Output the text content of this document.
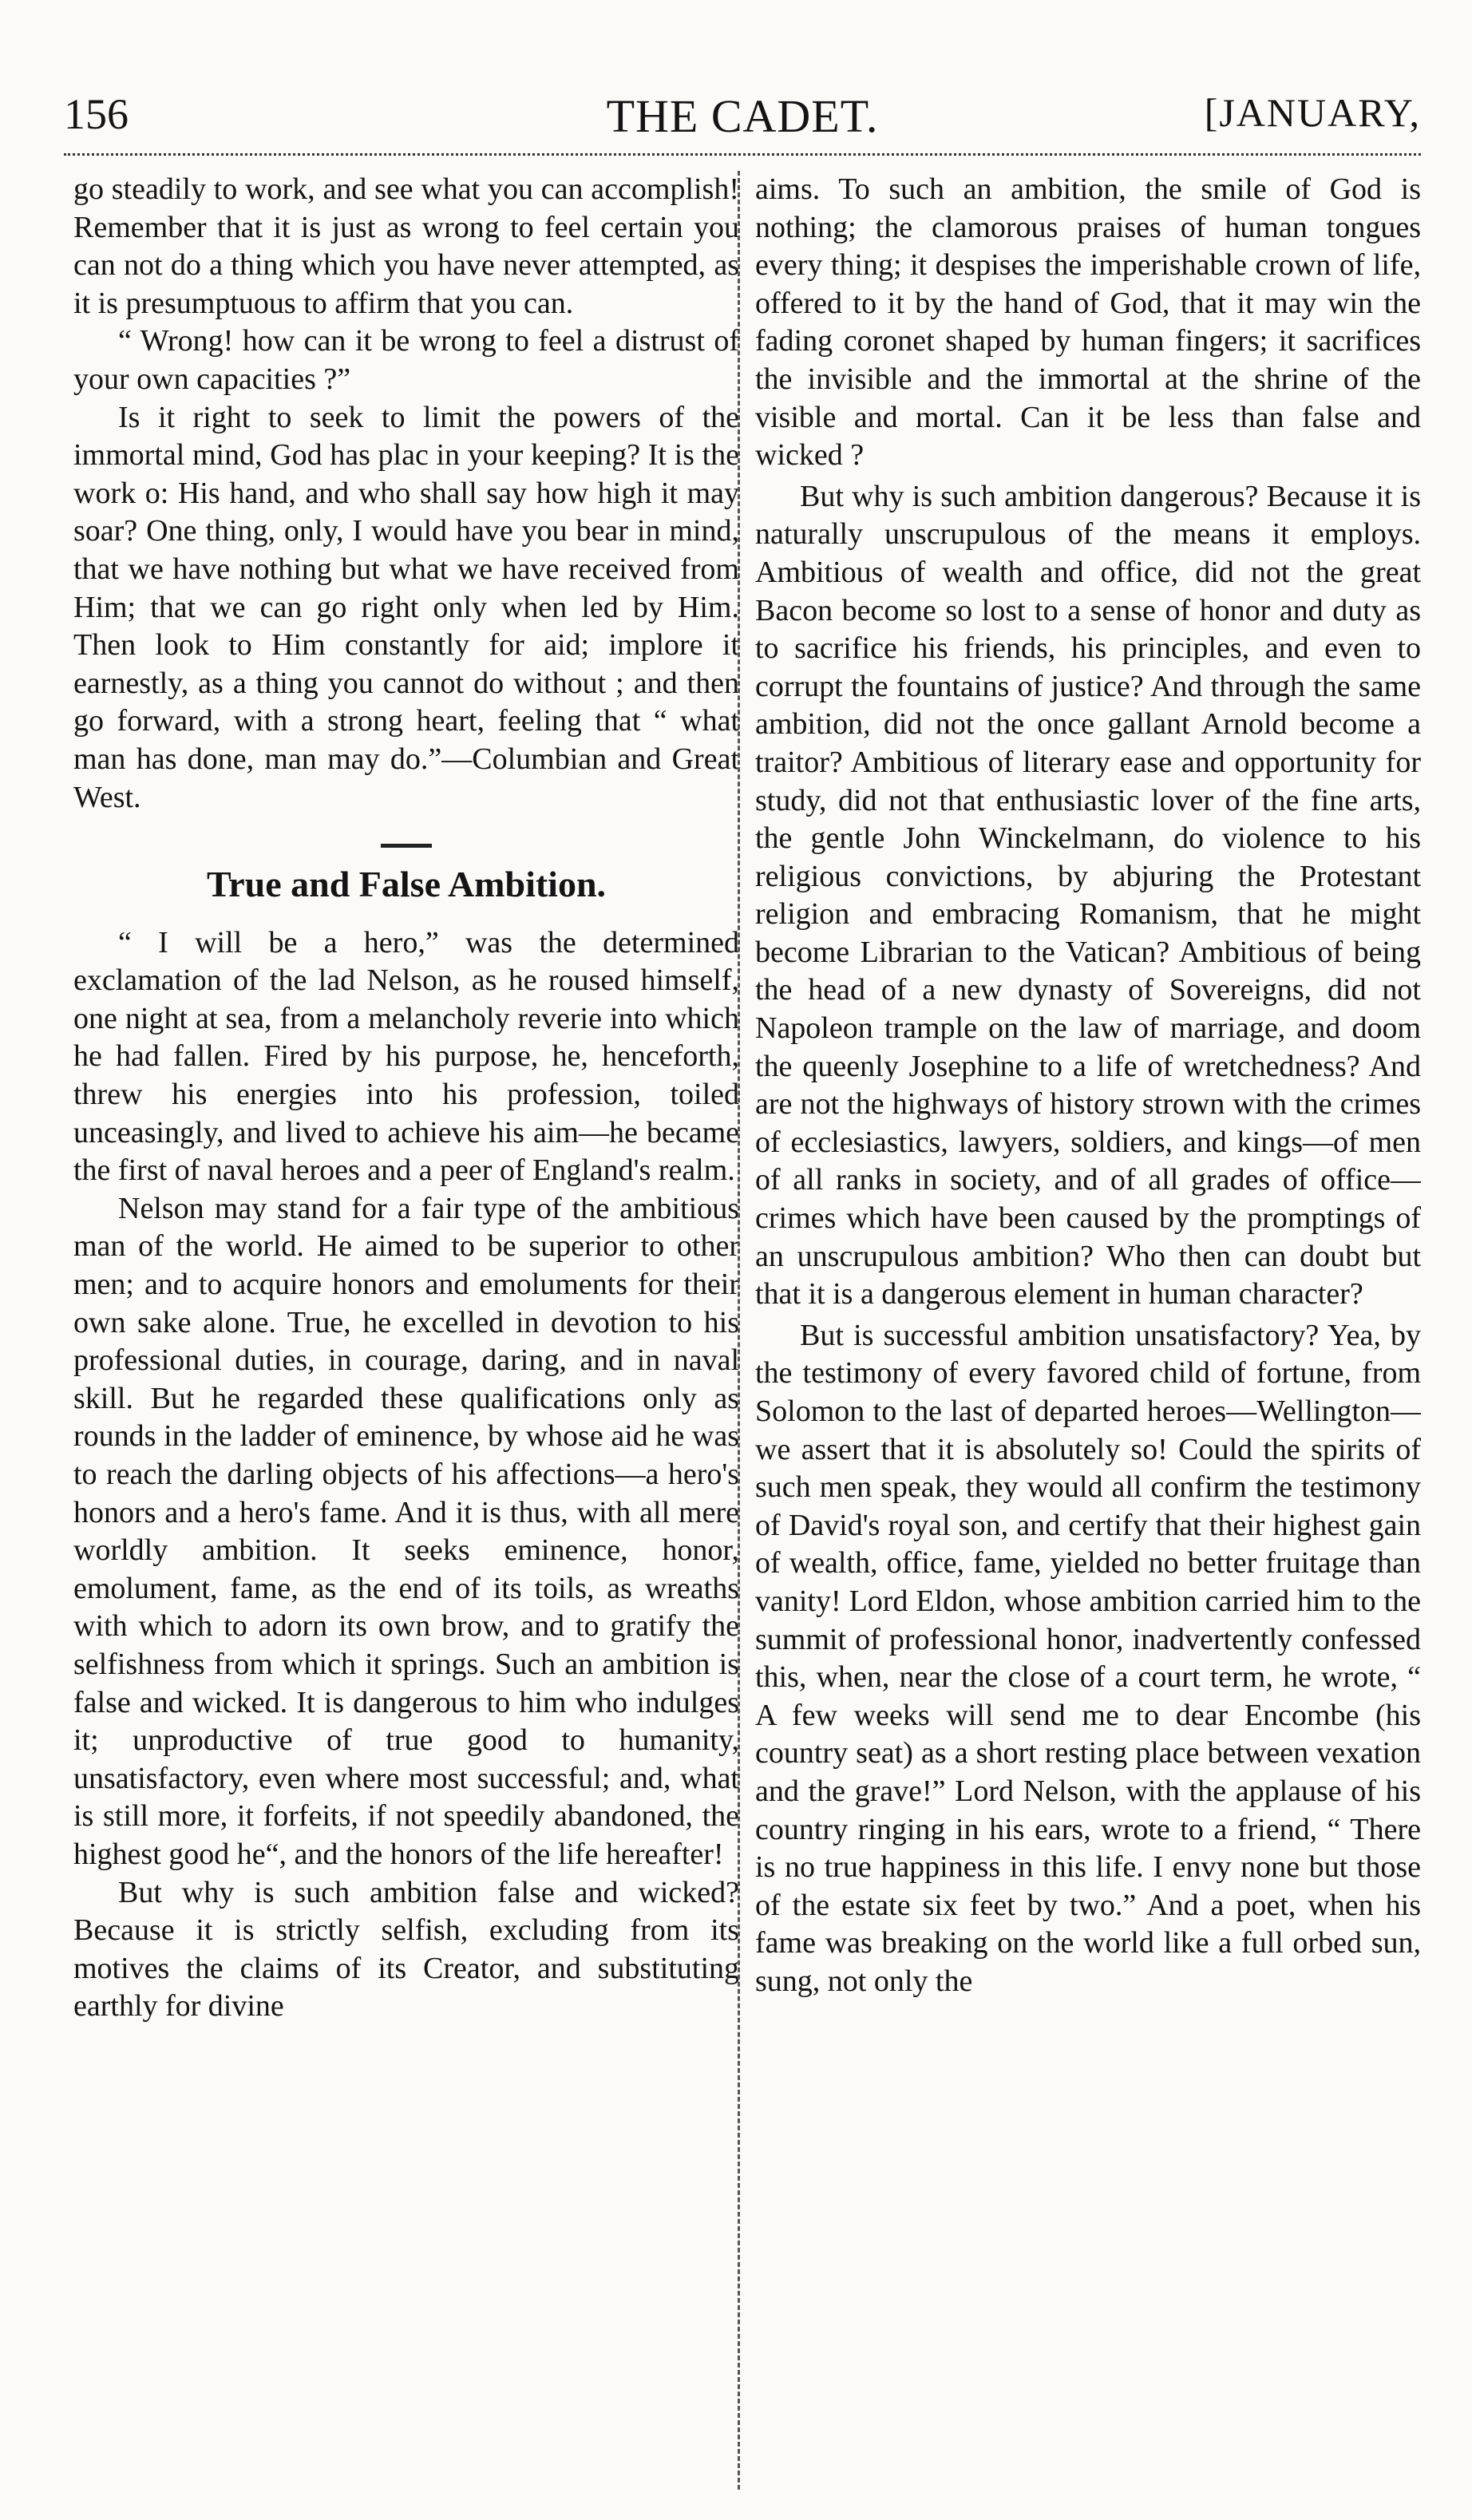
156	THE CADET.	[JANUARY,

go steadily to work, and see what you can accomplish! Remember that it is just as wrong to feel certain you can not do a thing which you have never attempted, as it is presumptuous to affirm that you can.

“ Wrong! how can it be wrong to feel a distrust of your own capacities ?”

Is it right to seek to limit the powers of the immortal mind, God has plac in your keeping? It is the work o: His hand, and who shall say how high it may soar? One thing, only, I would have you bear in mind, that we have nothing but what we have received from Him; that we can go right only when led by Him. Then look to Him constantly for aid; implore it earnestly, as a thing you cannot do without ; and then go forward, with a strong heart, feeling that “ what man has done, man may do.”—Columbian and Great West.

True and False Ambition.

“ I will be a hero,” was the determined exclamation of the lad Nelson, as he roused himself, one night at sea, from a melancholy reverie into which he had fallen. Fired by his purpose, he, henceforth, threw his energies into his profession, toiled unceasingly, and lived to achieve his aim—he became the first of naval heroes and a peer of England's realm.

Nelson may stand for a fair type of the ambitious man of the world. He aimed to be superior to other men; and to acquire honors and emoluments for their own sake alone. True, he excelled in devotion to his professional duties, in courage, daring, and in naval skill. But he regarded these qualifications only as rounds in the ladder of eminence, by whose aid he was to reach the darling objects of his affections—a hero's honors and a hero's fame. And it is thus, with all mere worldly ambition. It seeks eminence, honor, emolument, fame, as the end of its toils, as wreaths with which to adorn its own brow, and to gratify the selfishness from which it springs. Such an ambition is false and wicked. It is dangerous to him who indulges it; unproductive of true good to humanity, unsatisfactory, even where most successful; and, what is still more, it forfeits, if not speedily abandoned, the highest good he“, and the honors of the life hereafter!

But why is such ambition false and wicked? Because it is strictly selfish, excluding from its motives the claims of its Creator, and substituting earthly for divine

aims. To such an ambition, the smile of God is nothing; the clamorous praises of human tongues every thing; it despises the imperishable crown of life, offered to it by the hand of God, that it may win the fading coronet shaped by human fingers; it sacrifices the invisible and the immortal at the shrine of the visible and mortal. Can it be less than false and wicked ?

But why is such ambition dangerous? Because it is naturally unscrupulous of the means it employs. Ambitious of wealth and office, did not the great Bacon become so lost to a sense of honor and duty as to sacrifice his friends, his principles, and even to corrupt the fountains of justice? And through the same ambition, did not the once gallant Arnold become a traitor? Ambitious of literary ease and opportunity for study, did not that enthusiastic lover of the fine arts, the gentle John Winckelmann, do violence to his religious convictions, by abjuring the Protestant religion and embracing Romanism, that he might become Librarian to the Vatican? Ambitious of being the head of a new dynasty of Sovereigns, did not Napoleon trample on the law of marriage, and doom the queenly Josephine to a life of wretchedness? And are not the highways of history strown with the crimes of ecclesiastics, lawyers, soldiers, and kings—of men of all ranks in society, and of all grades of office—crimes which have been caused by the promptings of an unscrupulous ambition? Who then can doubt but that it is a dangerous element in human character?

But is successful ambition unsatisfactory? Yea, by the testimony of every favored child of fortune, from Solomon to the last of departed heroes—Wellington—we assert that it is absolutely so! Could the spirits of such men speak, they would all confirm the testimony of David's royal son, and certify that their highest gain of wealth, office, fame, yielded no better fruitage than vanity! Lord Eldon, whose ambition carried him to the summit of professional honor, inadvertently confessed this, when, near the close of a court term, he wrote, “ A few weeks will send me to dear Encombe (his country seat) as a short resting place between vexation and the grave!” Lord Nelson, with the applause of his country ringing in his ears, wrote to a friend, “ There is no true happiness in this life. I envy none but those of the estate six feet by two.” And a poet, when his fame was breaking on the world like a full orbed sun, sung, not only the
